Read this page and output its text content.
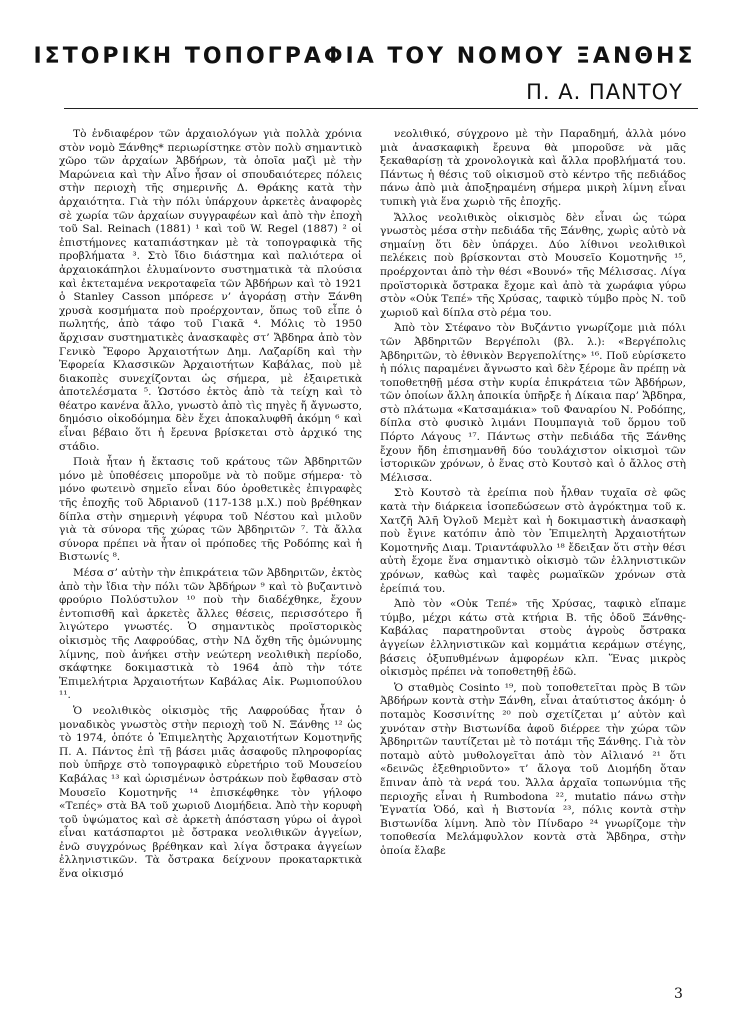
ΙΣΤΟΡΙΚΗ ΤΟΠΟΓΡΑΦΙΑ ΤΟΥ ΝΟΜΟΥ ΞΑΝΘΗΣ
Π. Α. ΠΑΝΤΟΥ

Τὸ ἐνδιαφέρον τῶν ἀρχαιολόγων γιὰ πολλὰ χρόνια στὸν νομὸ Ξάνθης* περιωρίστηκε στὸν πολὺ σημαντικὸ χῶρο τῶν ἀρχαίων Ἀβδήρων, τὰ ὁποῖα μαζὶ μὲ τὴν Μαρώνεια καὶ τὴν Αἶνο ἦσαν οἱ σπουδαιότερες πόλεις στὴν περιοχὴ τῆς σημερινῆς Δ. Θράκης κατὰ τὴν ἀρχαιότητα. Γιὰ τὴν πόλι ὑπάρχουν ἀρκετὲς ἀναφορὲς σὲ χωρία τῶν ἀρχαίων συγγραφέων καὶ ἀπὸ τὴν ἐποχὴ τοῦ Sal. Reinach (1881) ¹ καὶ τοῦ W. Regel (1887) ² οἱ ἐπιστήμονες καταπιάστηκαν μὲ τὰ τοπογραφικὰ τῆς προβλήματα ³. Στὸ ἴδιο διάστημα καὶ παλιότερα οἱ ἀρχαιοκάπηλοι ἐλυμαίνοντο συστηματικὰ τὰ πλούσια καὶ ἐκτεταμένα νεκροταφεῖα τῶν Ἀβδήρων καὶ τὸ 1921 ὁ Stanley Casson μπόρεσε ν’ ἀγοράσῃ στὴν Ξάνθη χρυσὰ κοσμήματα ποὺ προέρχονταν, ὅπως τοῦ εἶπε ὁ πωλητής, ἀπὸ τάφο τοῦ Γιακᾶ ⁴. Μόλις τὸ 1950 ἄρχισαν συστηματικὲς ἀνασκαφὲς στ’ Ἄβδηρα ἀπὸ τὸν Γενικὸ Ἔφορο Ἀρχαιοτήτων Δημ. Λαζαρίδη καὶ τὴν Ἐφορεία Κλασσικῶν Ἀρχαιοτήτων Καβάλας, ποὺ μὲ διακοπὲς συνεχίζονται ὡς σήμερα, μὲ ἐξαιρετικὰ ἀποτελέσματα ⁵. Ὡστόσο ἐκτὸς ἀπὸ τὰ τείχη καὶ τὸ θέατρο κανένα ἄλλο, γνωστὸ ἀπὸ τὶς πηγὲς ἤ ἄγνωστο, δημόσιο οἰκοδόμημα δὲν ἔχει ἀποκαλυφθῆ ἀκόμη ⁶ καὶ εἶναι βέβαιο ὅτι ἡ ἔρευνα βρίσκεται στὸ ἀρχικό της στάδιο.

Ποιὰ ἦταν ἡ ἔκτασις τοῦ κράτους τῶν Ἀβδηριτῶν μόνο μὲ ὑποθέσεις μποροῦμε νὰ τὸ ποῦμε σήμερα· τὸ μόνο φωτεινὸ σημεῖο εἶναι δύο ὁροθετικὲς ἐπιγραφὲς τῆς ἐποχῆς τοῦ Ἀδριανοῦ (117-138 μ.Χ.) ποὺ βρέθηκαν δίπλα στὴν σημερινὴ γέφυρα τοῦ Νέστου καὶ μιλοῦν γιὰ τὰ σύνορα τῆς χώρας τῶν Ἀβδηριτῶν ⁷. Τὰ ἄλλα σύνορα πρέπει νὰ ἦταν οἱ πρόποδες τῆς Ροδόπης καὶ ἡ Βιστωνίς ⁸.

Μέσα σ’ αὐτὴν τὴν ἐπικράτεια τῶν Ἀβδηριτῶν, ἐκτὸς ἀπὸ τὴν ἴδια τὴν πόλι τῶν Ἀβδήρων ⁹ καὶ τὸ βυζαντινὸ φρούριο Πολύστυλον ¹⁰ ποὺ τὴν διαδέχθηκε, ἔχουν ἐντοπισθῆ καὶ ἀρκετὲς ἄλλες θέσεις, περισσότερο ἤ λιγώτερο γνωστές. Ὁ σημαντικὸς προϊστορικὸς οἰκισμὸς τῆς Λαφρούδας, στὴν ΝΔ ὄχθη τῆς ὁμώνυμης λίμνης, ποὺ ἀνήκει στὴν νεώτερη νεολιθικὴ περίοδο, σκάφτηκε δοκιμαστικὰ τὸ 1964 ἀπὸ τὴν τότε Ἐπιμελήτρια Ἀρχαιοτήτων Καβάλας Αἰκ. Ρωμιοπούλου ¹¹.

Ὁ νεολιθικὸς οἰκισμὸς τῆς Λαφρούδας ἦταν ὁ μοναδικὸς γνωστὸς στὴν περιοχὴ τοῦ Ν. Ξάνθης ¹² ὡς τὸ 1974, ὁπότε ὁ Ἐπιμελητὴς Ἀρχαιοτήτων Κομοτηνῆς Π. Α. Πάντος ἐπὶ τῇ βάσει μιᾶς ἀσαφοῦς πληροφορίας ποὺ ὑπῆρχε στὸ τοπογραφικὸ εὑρετήριο τοῦ Μουσείου Καβάλας ¹³ καὶ ὡρισμένων ὀστράκων ποὺ ἔφθασαν στὸ Μουσεῖο Κομοτηνῆς ¹⁴ ἐπισκέφθηκε τὸν γήλοφο «Τεπές» στὰ ΒΑ τοῦ χωριοῦ Διομήδεια. Ἀπὸ τὴν κορυφὴ τοῦ ὑψώματος καὶ σὲ ἀρκετὴ ἀπόσταση γύρω οἱ ἀγροὶ εἶναι κατάσπαρτοι μὲ ὄστρακα νεολιθικῶν ἀγγείων, ἐνῶ συγχρόνως βρέθηκαν καὶ λίγα ὄστρακα ἀγγείων ἐλληνιστικῶν. Τὰ ὄστρακα δείχνουν προκαταρκτικὰ ἕνα οἰκισμό

νεολιθικό, σύγχρονο μὲ τὴν Παραδημή, ἀλλὰ μόνο μιὰ ἀνασκαφικὴ ἔρευνα θὰ μποροῦσε νὰ μᾶς ξεκαθαρίσῃ τὰ χρονολογικὰ καὶ ἄλλα προβλήματά του. Πάντως ἡ θέσις τοῦ οἰκισμοῦ στὸ κέντρο τῆς πεδιάδος πάνω ἀπὸ μιὰ ἀποξηραμένη σήμερα μικρὴ λίμνη εἶναι τυπικὴ γιὰ ἕνα χωριὸ τῆς ἐποχῆς.

Ἄλλος νεολιθικὸς οἰκισμὸς δὲν εἶναι ὡς τώρα γνωστὸς μέσα στὴν πεδιάδα τῆς Ξάνθης, χωρὶς αὐτὸ νὰ σημαίνῃ ὅτι δὲν ὑπάρχει. Δύο λίθινοι νεολιθικοὶ πελέκεις ποὺ βρίσκονται στὸ Μουσεῖο Κομοτηνῆς ¹⁵, προέρχονται ἀπὸ τὴν θέσι «Βουνό» τῆς Μέλισσας. Λίγα προϊστορικὰ ὄστρακα ἔχομε καὶ ἀπὸ τὰ χωράφια γύρω στὸν «Οὐκ Τεπέ» τῆς Χρύσας, ταφικὸ τύμβο πρὸς Ν. τοῦ χωριοῦ καὶ δίπλα στὸ ρέμα του.

Ἀπὸ τὸν Στέφανο τὸν Βυζάντιο γνωρίζομε μιὰ πόλι τῶν Ἀβδηριτῶν Βεργέπολι (βλ. λ.): «Βεργέπολις Ἀβδηριτῶν, τὸ ἐθνικὸν Βεργεπολίτης» ¹⁶. Ποῦ εὑρίσκετο ἡ πόλις παραμένει ἄγνωστο καὶ δὲν ξέρομε ἂν πρέπῃ νὰ τοποθετηθῇ μέσα στὴν κυρία ἐπικράτεια τῶν Ἀβδήρων, τῶν ὁποίων ἄλλη ἀποικία ὑπῆρξε ἡ Δίκαια παρ’ Ἄβδηρα, στὸ πλάτωμα «Κατσαμάκια» τοῦ Φαναρίου Ν. Ροδόπης, δίπλα στὸ φυσικὸ λιμάνι Πουμπαγιὰ τοῦ ὅρμου τοῦ Πόρτο Λάγους ¹⁷. Πάντως στὴν πεδιάδα τῆς Ξάνθης ἔχουν ἤδη ἐπισημανθῆ δύο τουλάχιστον οἰκισμοὶ τῶν ἱστορικῶν χρόνων, ὁ ἕνας στὸ Κουτσὸ καὶ ὁ ἄλλος στὴ Μέλισσα.

Στὸ Κουτσὸ τὰ ἐρείπια ποὺ ἦλθαν τυχαῖα σὲ φῶς κατὰ τὴν διάρκεια ἰσοπεδώσεων στὸ ἀγρόκτημα τοῦ κ. Χατζῆ Ἀλῆ Ὀγλοῦ Μεμὲτ καὶ ἡ δοκιμαστικὴ ἀνασκαφὴ ποὺ ἔγινε κατόπιν ἀπὸ τὸν Ἐπιμελητὴ Ἀρχαιοτήτων Κομοτηνῆς Διαμ. Τριαντάφυλλο ¹⁸ ἔδειξαν ὅτι στὴν θέσι αὐτὴ ἔχομε ἕνα σημαντικὸ οἰκισμὸ τῶν ἑλληνιστικῶν χρόνων, καθὼς καὶ ταφὲς ρωμαϊκῶν χρόνων στὰ ἐρείπιά του.

Ἀπὸ τὸν «Οὐκ Τεπέ» τῆς Χρύσας, ταφικὸ εἴπαμε τύμβο, μέχρι κάτω στὰ κτήρια Β. τῆς ὁδοῦ Ξάνθης-Καβάλας παρατηροῦνται στοὺς ἀγροὺς ὄστρακα ἀγγείων ἑλληνιστικῶν καὶ κομμάτια κεράμων στέγης, βάσεις ὀξυπυθμένων ἀμφορέων κλπ. Ἕνας μικρὸς οἰκισμὸς πρέπει νὰ τοποθετηθῇ ἐδῶ.

Ὁ σταθμὸς Cosinto ¹⁹, ποὺ τοποθετεῖται πρὸς Β τῶν Ἀβδήρων κοντὰ στὴν Ξάνθη, εἶναι ἀταύτιστος ἀκόμη· ὁ ποταμὸς Κοσσινίτης ²⁰ ποὺ σχετίζεται μ’ αὐτὸν καὶ χυνόταν στὴν Βιστωνίδα ἀφοῦ διέρρεε τὴν χώρα τῶν Ἀβδηριτῶν ταυτίζεται μὲ τὸ ποτάμι τῆς Ξάνθης. Γιὰ τὸν ποταμὸ αὐτὸ μυθολογεῖται ἀπὸ τὸν Αἰλιανό ²¹ ὅτι «δεινῶς ἐξεθηριοῦντο» τ’ ἄλογα τοῦ Διομήδη ὅταν ἔπιναν ἀπὸ τὰ νερά του. Ἄλλα ἀρχαῖα τοπωνύμια τῆς περιοχῆς εἶναι ἡ Rumbodona ²², mutatio πάνω στὴν Ἐγνατία Ὁδό, καὶ ἡ Βιστονία ²³, πόλις κοντὰ στὴν Βιστωνίδα λίμνη. Ἀπὸ τὸν Πίνδαρο ²⁴ γνωρίζομε τὴν τοποθεσία Μελάμφυλλον κοντὰ στὰ Ἄβδηρα, στὴν ὁποία ἔλαβε

3
